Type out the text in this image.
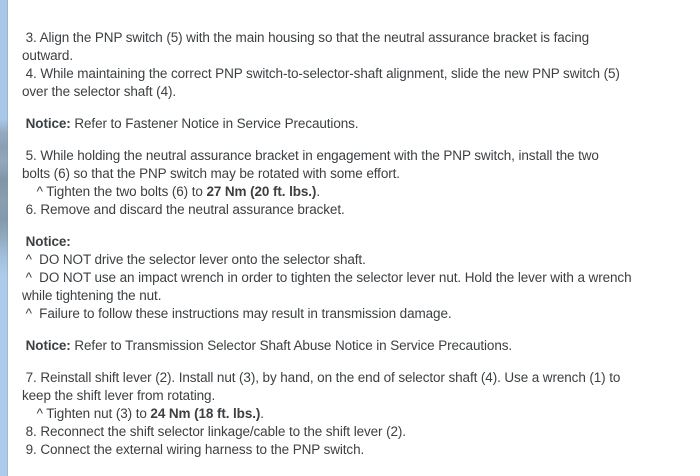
3. Align the PNP switch (5) with the main housing so that the neutral assurance bracket is facing
outward.
4. While maintaining the correct PNP switch-to-selector-shaft alignment, slide the new PNP switch (5)
over the selector shaft (4).
Notice: Refer to Fastener Notice in Service Precautions.
5. While holding the neutral assurance bracket in engagement with the PNP switch, install the two
bolts (6) so that the PNP switch may be rotated with some effort.
^ Tighten the two bolts (6) to 27 Nm (20 ft. lbs.).
6. Remove and discard the neutral assurance bracket.
Notice:
^  DO NOT drive the selector lever onto the selector shaft.
^  DO NOT use an impact wrench in order to tighten the selector lever nut. Hold the lever with a wrench
while tightening the nut.
^  Failure to follow these instructions may result in transmission damage.
Notice: Refer to Transmission Selector Shaft Abuse Notice in Service Precautions.
7. Reinstall shift lever (2). Install nut (3), by hand, on the end of selector shaft (4). Use a wrench (1) to
keep the shift lever from rotating.
^ Tighten nut (3) to 24 Nm (18 ft. lbs.).
8. Reconnect the shift selector linkage/cable to the shift lever (2).
9. Connect the external wiring harness to the PNP switch.
